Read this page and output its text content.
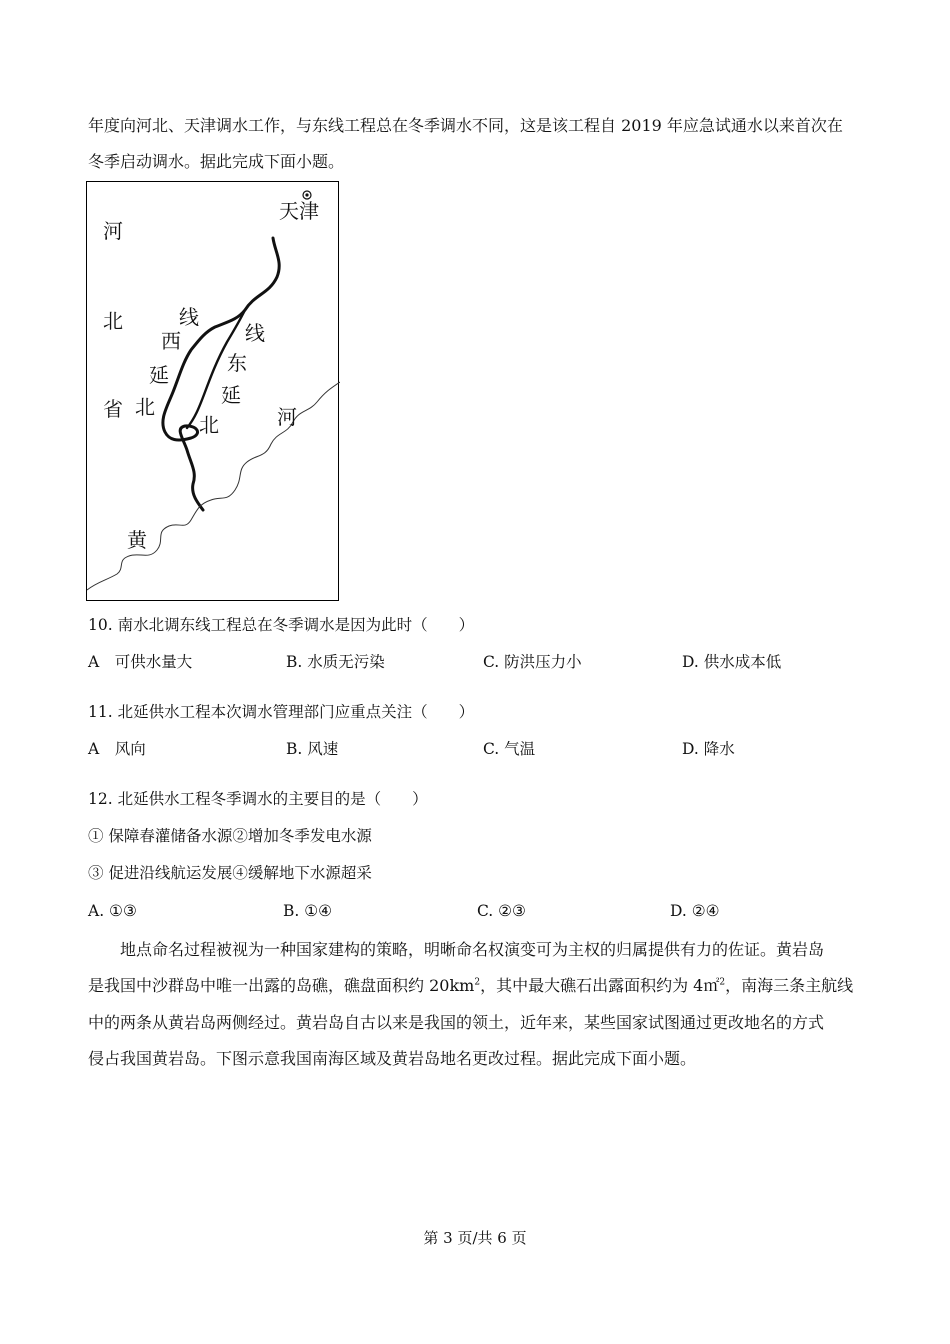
年度向河北、天津调水工作，与东线工程总在冬季调水不同，这是该工程自 2019 年应急试通水以来首次在
冬季启动调水。据此完成下面小题。
天津
河
北
省
线
西
延
北
线
东
延
北	河
黄
10. 南水北调东线工程总在冬季调水是因为此时（　　）
A　可供水量大	B. 水质无污染	C. 防洪压力小	D. 供水成本低
11. 北延供水工程本次调水管理部门应重点关注（　　）
A　风向	B. 风速	C. 气温	D. 降水
12. 北延供水工程冬季调水的主要目的是（　　）
① 保障春灌储备水源②增加冬季发电水源
③ 促进沿线航运发展④缓解地下水源超采
A. ①③	B. ①④	C. ②③	D. ②④
地点命名过程被视为一种国家建构的策略，明晰命名权演变可为主权的归属提供有力的佐证。黄岩岛
是我国中沙群岛中唯一出露的岛礁，礁盘面积约 $20km^2$，其中最大礁石出露面积约为 4㎡$^2$，南海三条主航线
中的两条从黄岩岛两侧经过。黄岩岛自古以来是我国的领土，近年来，某些国家试图通过更改地名的方式
侵占我国黄岩岛。下图示意我国南海区域及黄岩岛地名更改过程。据此完成下面小题。
第 3 页/共 6 页
